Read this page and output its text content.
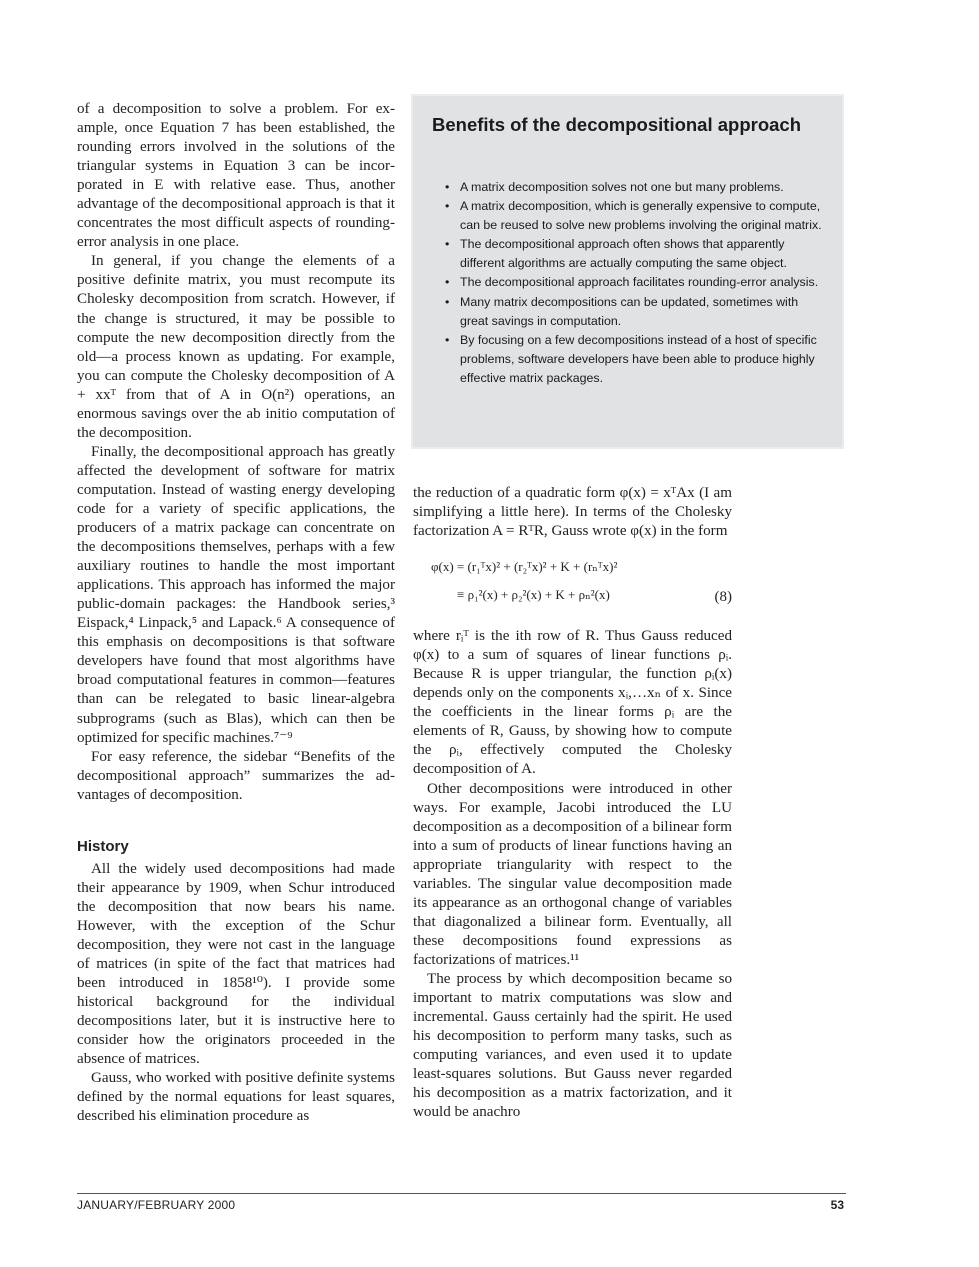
of a decomposition to solve a problem. For example, once Equation 7 has been established, the rounding errors involved in the solutions of the triangular systems in Equation 3 can be incorporated in E with relative ease. Thus, another advantage of the decompositional approach is that it concentrates the most difficult aspects of rounding-error analysis in one place.

In general, if you change the elements of a positive definite matrix, you must recompute its Cholesky decomposition from scratch. However, if the change is structured, it may be possible to compute the new decomposition directly from the old—a process known as updating. For example, you can compute the Cholesky decomposition of A + xxᵀ from that of A in O(n²) operations, an enormous savings over the ab initio computation of the decomposition.

Finally, the decompositional approach has greatly affected the development of software for matrix computation. Instead of wasting energy developing code for a variety of specific applications, the producers of a matrix package can concentrate on the decompositions themselves, perhaps with a few auxiliary routines to handle the most important applications. This approach has informed the major public-domain packages: the Handbook series,³ Eispack,⁴ Linpack,⁵ and Lapack.⁶ A consequence of this emphasis on decompositions is that software developers have found that most algorithms have broad computational features in common—features than can be relegated to basic linear-algebra subprograms (such as Blas), which can then be optimized for specific machines.⁷⁻⁹

For easy reference, the sidebar “Benefits of the decompositional approach” summarizes the advantages of decomposition.

History

All the widely used decompositions had made their appearance by 1909, when Schur introduced the decomposition that now bears his name. However, with the exception of the Schur decomposition, they were not cast in the language of matrices (in spite of the fact that matrices had been introduced in 1858¹⁰). I provide some historical background for the individual decompositions later, but it is instructive here to consider how the originators proceeded in the absence of matrices.

Gauss, who worked with positive definite systems defined by the normal equations for least squares, described his elimination procedure as

Benefits of the decompositional approach
• A matrix decomposition solves not one but many problems.
• A matrix decomposition, which is generally expensive to compute, can be reused to solve new problems involving the original matrix.
• The decompositional approach often shows that apparently different algorithms are actually computing the same object.
• The decompositional approach facilitates rounding-error analysis.
• Many matrix decompositions can be updated, sometimes with great savings in computation.
• By focusing on a few decompositions instead of a host of specific problems, software developers have been able to produce highly effective matrix packages.

the reduction of a quadratic form φ(x) = xᵀAx (I am simplifying a little here). In terms of the Cholesky factorization A = RᵀR, Gauss wrote φ(x) in the form

φ(x) = (r₁ᵀx)² + (r₂ᵀx)² + K + (rₙᵀx)²
≡ ρ₁²(x) + ρ₂²(x) + K + ρₙ²(x)	(8)

where rᵢᵀ is the ith row of R. Thus Gauss reduced φ(x) to a sum of squares of linear functions ρᵢ. Because R is upper triangular, the function ρᵢ(x) depends only on the components xᵢ,…xₙ of x. Since the coefficients in the linear forms ρᵢ are the elements of R, Gauss, by showing how to compute the ρᵢ, effectively computed the Cholesky decomposition of A.

Other decompositions were introduced in other ways. For example, Jacobi introduced the LU decomposition as a decomposition of a bilinear form into a sum of products of linear functions having an appropriate triangularity with respect to the variables. The singular value decomposition made its appearance as an orthogonal change of variables that diagonalized a bilinear form. Eventually, all these decompositions found expressions as factorizations of matrices.¹¹

The process by which decomposition became so important to matrix computations was slow and incremental. Gauss certainly had the spirit. He used his decomposition to perform many tasks, such as computing variances, and even used it to update least-squares solutions. But Gauss never regarded his decomposition as a matrix factorization, and it would be anachro

JANUARY/FEBRUARY 2000	53
